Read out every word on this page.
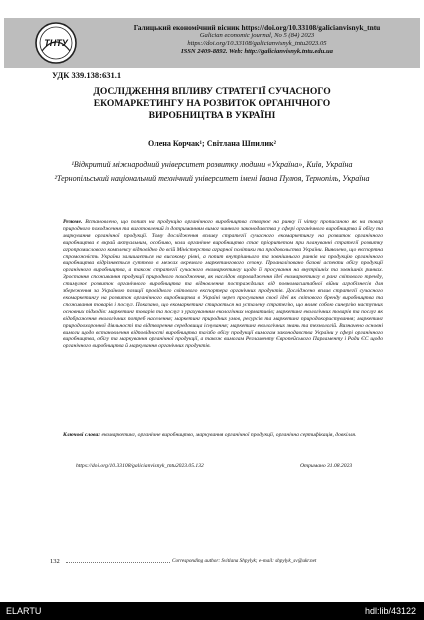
ТНТУ
Галицький економічний вісник https://doi.org/10.33108/galicianvisnyk_tntu
Galician economic journal, No 5 (84) 2023
https://doi.org/10.33108/galicianvisnyk_tntu2023.05
ISSN 2409-8892. Web: http://galicianvisnyk.tntu.edu.ua
УДК 339.138:631.1
ДОСЛІДЖЕННЯ ВПЛИВУ СТРАТЕГІЇ СУЧАСНОГО
ЕКОМАРКЕТИНГУ НА РОЗВИТОК ОРГАНІЧНОГО
ВИРОБНИЦТВА В УКРАЇНІ
Олена Корчак¹; Світлана Шпилик²
¹Відкритий міжнародний університет розвитку людини «Україна», Київ, Україна
²Тернопільський національний технічний університет імені Івана Пулюя, Тернопіль, Україна
Резюме. Встановлено, що попит на продукцію органічного виробництва створює на ринку її чітку прописаною як на товар природного походження та виготовлений із дотриманням вимог чинного законодавства у сфері органічного виробництва й обігу та маркування органічної продукції. Тому дослідження впливу стратегії сучасного екомаркетингу на розвиток органічного виробництва є вкрай актуальним, особливо, коли органічне виробництво стає пріоритетом при плануванні стратегії розвитку агропромислового комплексу відповідно до всій Міністерства аграрної політики та продовольства України. Виявлено, що експортна спроможність України залишається на високому рівні, а попит внутрішнього та зовнішнього ринків на продукцію органічного виробництва відрізняється суттєво в межах окремого маркетингового сезону. Проаналізовано базові аспекти обігу продукції органічного виробництва, а також стратегії сучасного екомаркетингу щодо її просування на внутрішніх та зовнішніх ринках. Зростання споживання продукції природного походження, як наслідок впровадження ідеї екомаркетингу в ранг світового тренду, стимулює розвиток органічного виробництва та відновлення постраждалих від повномасштабної війни агробізнесів для збереження за Україною позиції провідного світового експортера органічних продуктів. Досліджено вплив стратегії сучасного екомаркетингу на розвиток органічного виробництва в Україні через просування своєї ідеї як світового бренду виробництва та споживання товарів і послуг. Показано, що екомаркетинг стирається на усталену стратегію, що являє собою синергію наступних основних підходів: маркетинг товарів та послуг з урахуванням екологічних нормативів; маркетинг екологічних товарів та послуг як відображення екологічних потреб населення; маркетинг природних умов, ресурсів та маркетинг природокористування; маркетинг природоохоронної діяльності та відтворення середовища існування; маркетинг екологічних знань та технологій. Визначено основні вимоги щодо встановлення відповідності виробництва та/або обігу продукції вимогам законодавства України у сфері органічного виробництва, обігу та маркування органічної продукції, а також вимогам Регламенту Європейського Парламенту і Ради ЄС щодо органічного виробництва й маркування органічних продуктів.
Ключові слова: екомаркетинг, органічне виробництво, маркування органічної продукції, органічна сертифікація, довкілля.
https://doi.org/10.33108/galicianvisnyk_tntu2023.05.132	Отримано 31.08.2023
132	Corresponding author: Svitlana Shpylyk; e-mail: shpylyk_sv@ukr.net
ELARTU	hdl:lib/43122
